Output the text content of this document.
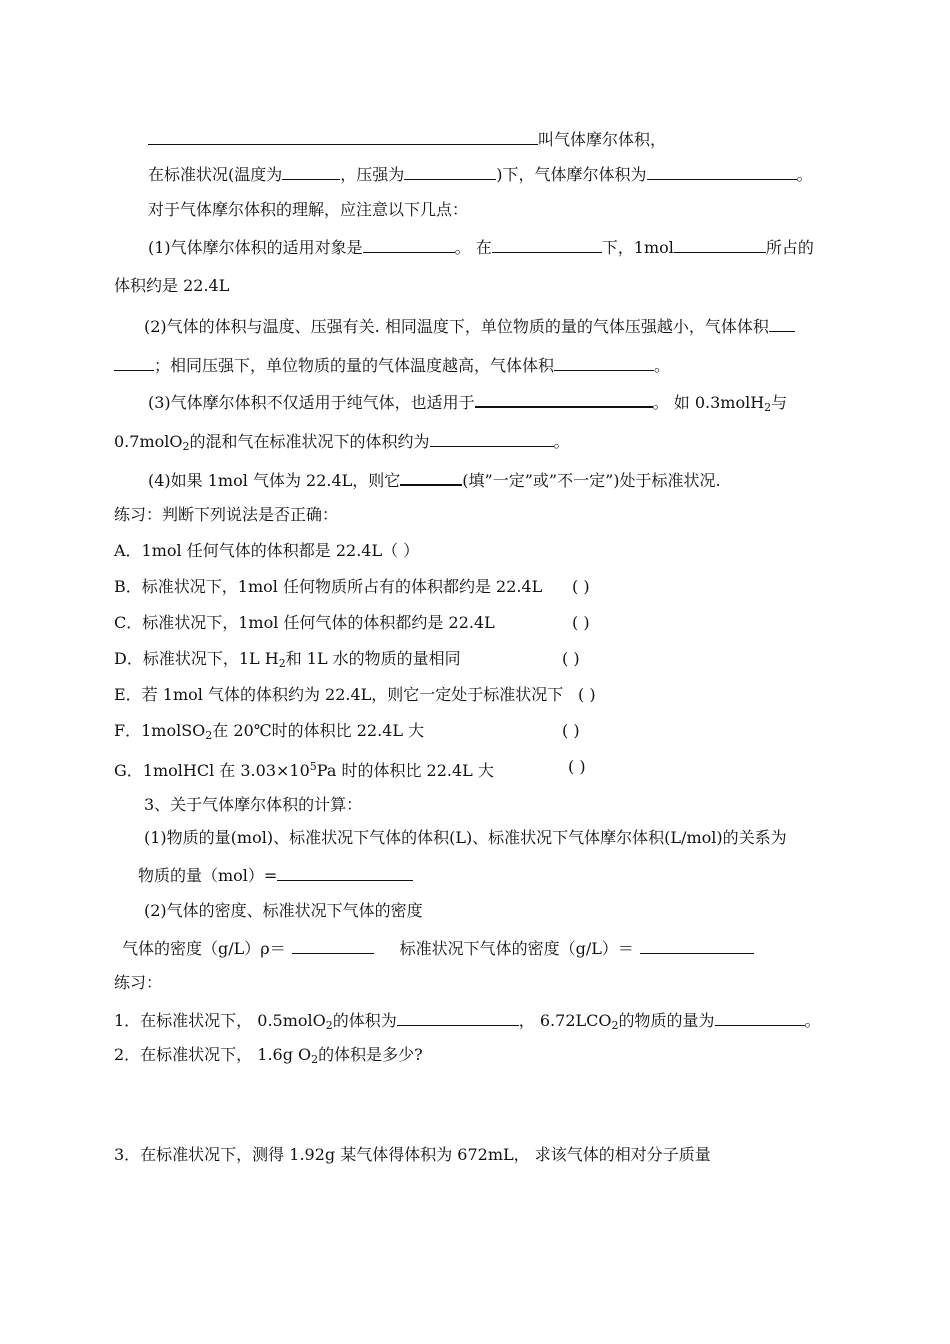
叫气体摩尔体积，
在标准状况(温度为	，压强为	)下，气体摩尔体积为	。
对于气体摩尔体积的理解，应注意以下几点：
(1)气体摩尔体积的适用对象是	。 在	下，1mol	所占的
体积约是 22.4L
(2)气体的体积与温度、压强有关. 相同温度下，单位物质的量的气体压强越小，气体体积
；相同压强下，单位物质的量的气体温度越高，气体体积	。
(3)气体摩尔体积不仅适用于纯气体，也适用于	。 如 0.3molH$_2$与
0.7molO$_2$的混和气在标准状况下的体积约为	。
(4)如果 1mol 气体为 22.4L，则它	(填”一定”或”不一定”)处于标准状况.
练习：判断下列说法是否正确：
A．1mol 任何气体的体积都是 22.4L（ ）
B．标准状况下，1mol 任何物质所占有的体积都约是 22.4L ( )
C．标准状况下，1mol 任何气体的体积都约是 22.4L	( )
D．标准状况下，1L $H_2$和 1L 水的物质的量相同	( )
E．若 1mol 气体的体积约为 22.4L，则它一定处于标准状况下 ( )
F．1molSO$_2$在 20℃时的体积比 22.4L 大	( )
G．1molHCl 在 $3.03\times 10^5Pa$ 时的体积比 22.4L 大	( )
3、关于气体摩尔体积的计算：
(1)物质的量(mol)、标准状况下气体的体积(L)、标准状况下气体摩尔体积(L/mol)的关系为
物质的量（mol）=
(2)气体的密度、标准状况下气体的密度
气体的密度（g/L）ρ＝	标准状况下气体的密度（g/L）＝
练习：
1．在标准状况下， 0.5molO$_2$的体积为	， $6.72LCO_2$的物质的量为	。
2．在标准状况下， 1.6g $O_2$的体积是多少?
3．在标准状况下，测得 1.92g 某气体得体积为 672mL， 求该气体的相对分子质量
